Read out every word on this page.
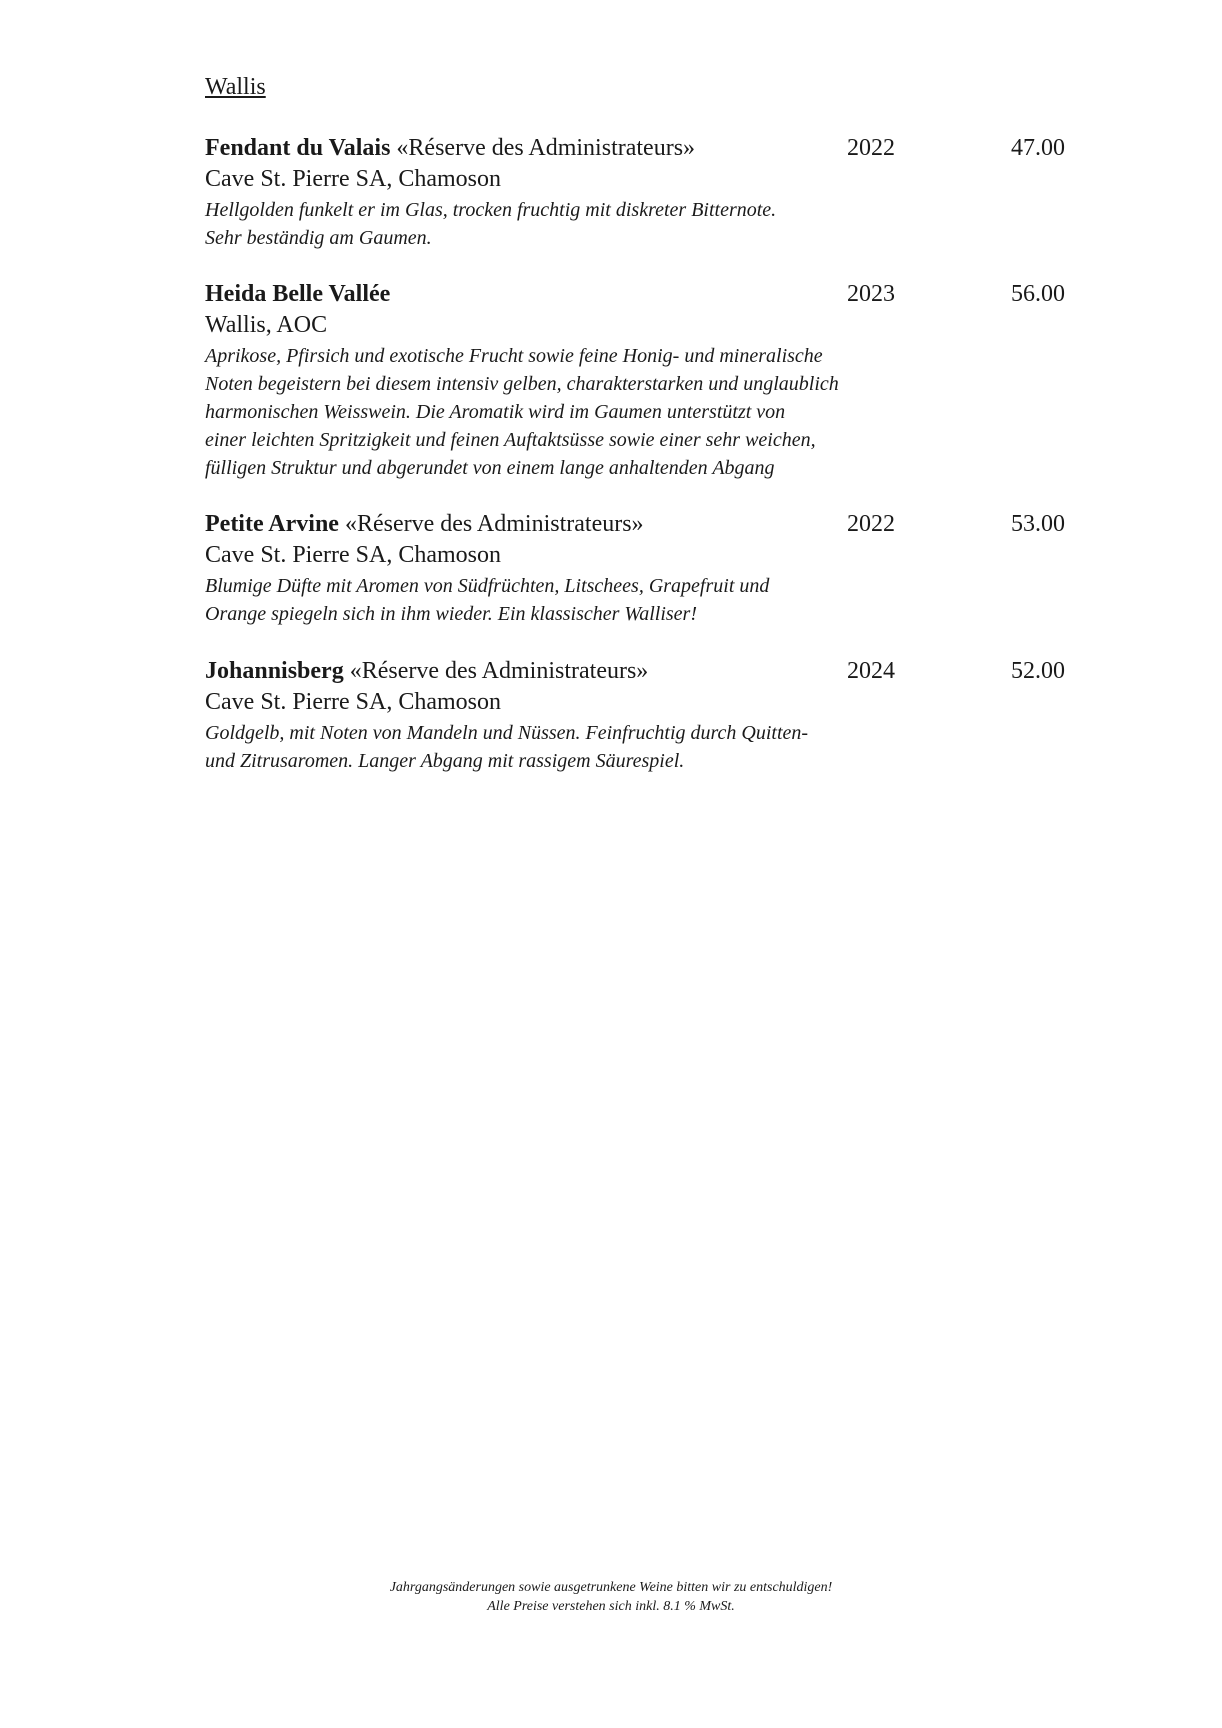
Wallis
Fendant du Valais «Réserve des Administrateurs»	2022	47.00
Cave St. Pierre SA, Chamoson
Hellgolden funkelt er im Glas, trocken fruchtig mit diskreter Bitternote.
Sehr beständig am Gaumen.
Heida Belle Vallée	2023	56.00
Wallis, AOC
Aprikose, Pfirsich und exotische Frucht sowie feine Honig- und mineralische
Noten begeistern bei diesem intensiv gelben, charakterstarken und unglaublich
harmonischen Weisswein. Die Aromatik wird im Gaumen unterstützt von
einer leichten Spritzigkeit und feinen Auftaktsüsse sowie einer sehr weichen,
fülligen Struktur und abgerundet von einem lange anhaltenden Abgang
Petite Arvine «Réserve des Administrateurs»	2022	53.00
Cave St. Pierre SA, Chamoson
Blumige Düfte mit Aromen von Südfrüchten, Litschees, Grapefruit und
Orange spiegeln sich in ihm wieder. Ein klassischer Walliser!
Johannisberg «Réserve des Administrateurs»	2024	52.00
Cave St. Pierre SA, Chamoson
Goldgelb, mit Noten von Mandeln und Nüssen. Feinfruchtig durch Quitten-
und Zitrusaromen. Langer Abgang mit rassigem Säurespiel.
Jahrgangsänderungen sowie ausgetrunkene Weine bitten wir zu entschuldigen!
Alle Preise verstehen sich inkl. 8.1 % MwSt.
